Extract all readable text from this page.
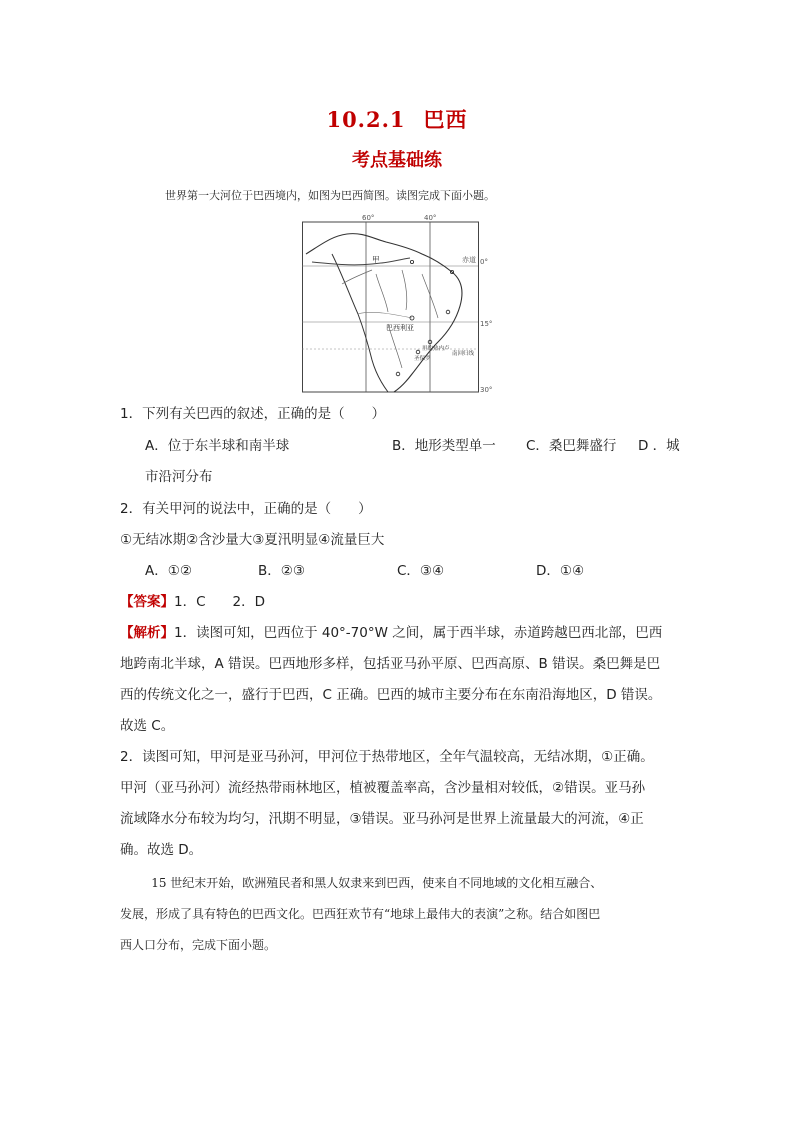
10.2.1 巴西
考点基础练
世界第一大河位于巴西境内，如图为巴西简图。读图完成下面小题。
60°	40°
0°
15°
30°
赤道
甲
巴西利亚
里约热内卢
圣保罗
南回归线
1．下列有关巴西的叙述，正确的是（　　）
A．位于东半球和南半球	B．地形类型单一 C．桑巴舞盛行 D ．城
市沿河分布
2．有关甲河的说法中，正确的是（　　）
①无结冰期②含沙量大③夏汛明显④流量巨大
A．①②	B．②③	C．③④	D．①④
【答案】1．C　　2．D
【解析】1．读图可知，巴西位于 40°-70°W 之间，属于西半球，赤道跨越巴西北部，巴西
地跨南北半球，A 错误。巴西地形多样，包括亚马孙平原、巴西高原、B 错误。桑巴舞是巴
西的传统文化之一，盛行于巴西，C 正确。巴西的城市主要分布在东南沿海地区，D 错误。
故选 C。
2．读图可知，甲河是亚马孙河，甲河位于热带地区，全年气温较高，无结冰期，①正确。
甲河（亚马孙河）流经热带雨林地区，植被覆盖率高，含沙量相对较低，②错误。亚马孙
流域降水分布较为均匀，汛期不明显，③错误。亚马孙河是世界上流量最大的河流，④正
确。故选 D。
15 世纪末开始，欧洲殖民者和黑人奴隶来到巴西，使来自不同地域的文化相互融合、
发展，形成了具有特色的巴西文化。巴西狂欢节有“地球上最伟大的表演”之称。结合如图巴
西人口分布，完成下面小题。
